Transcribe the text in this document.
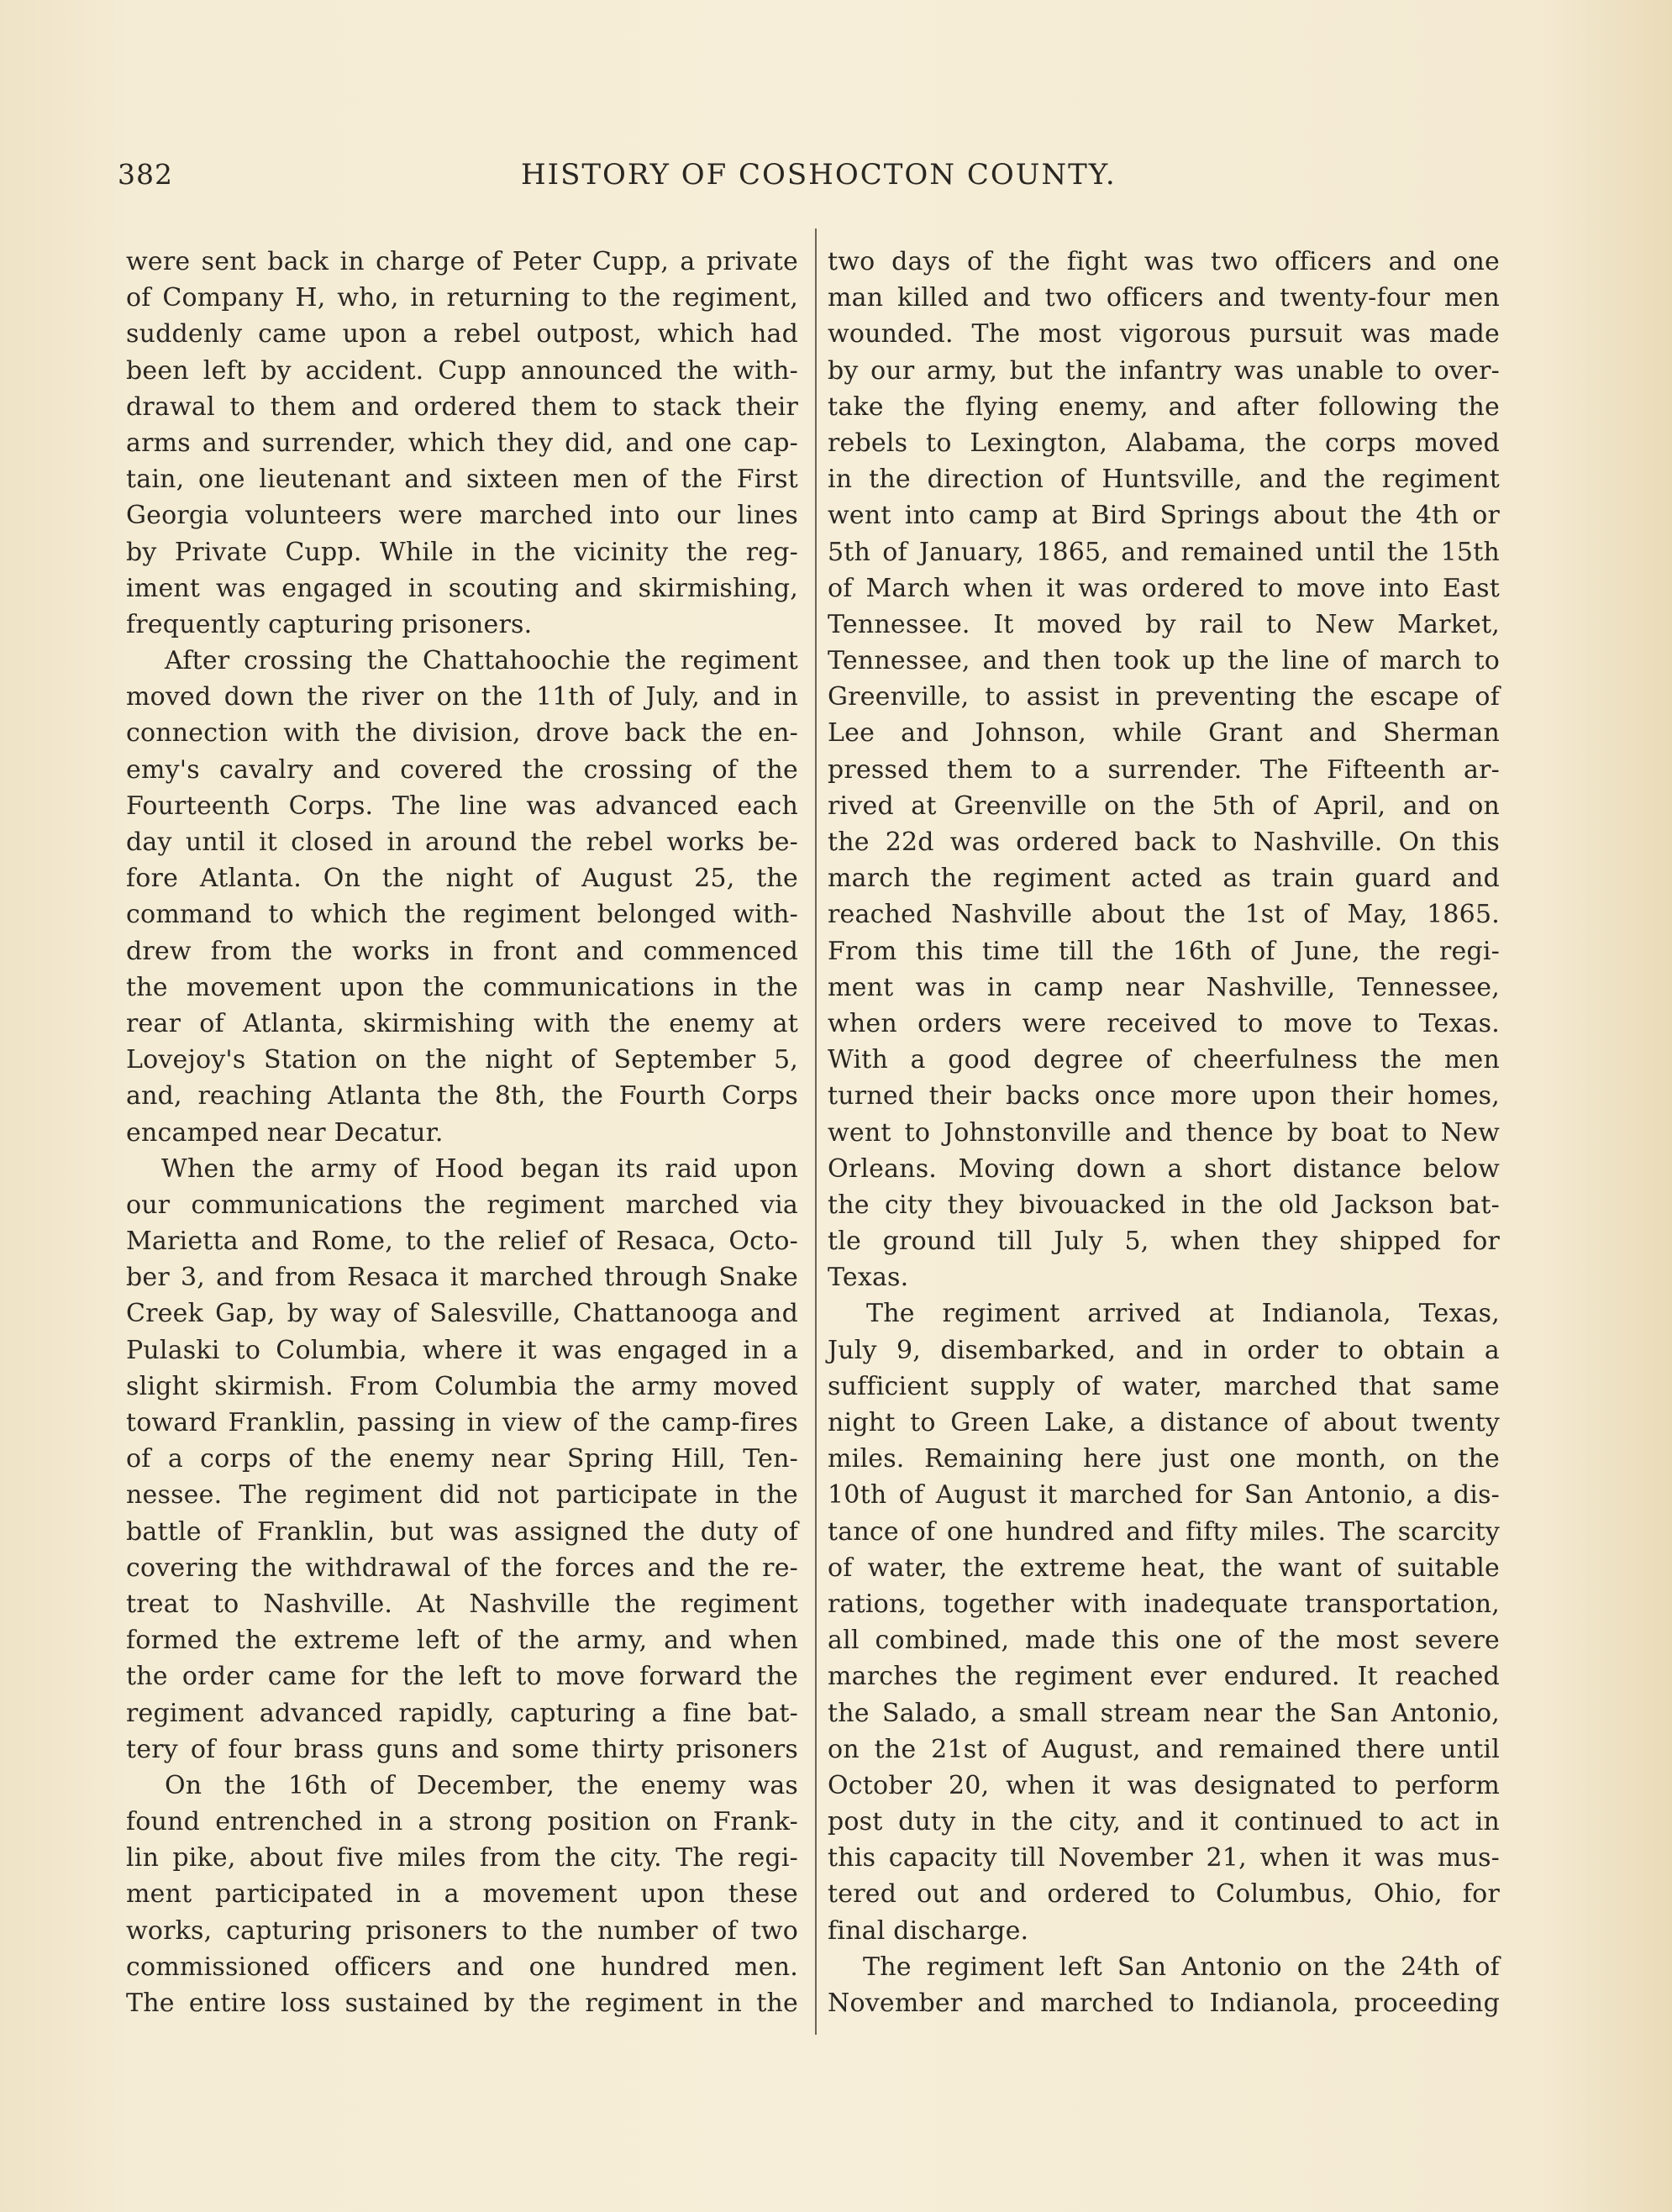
382	HISTORY OF COSHOCTON COUNTY.
were sent back in charge of Peter Cupp, a private
of Company H, who, in returning to the regiment,
suddenly came upon a rebel outpost, which had
been left by accident. Cupp announced the with-
drawal to them and ordered them to stack their
arms and surrender, which they did, and one cap-
tain, one lieutenant and sixteen men of the First
Georgia volunteers were marched into our lines
by Private Cupp. While in the vicinity the reg-
iment was engaged in scouting and skirmishing,
frequently capturing prisoners.
After crossing the Chattahoochie the regiment
moved down the river on the 11th of July, and in
connection with the division, drove back the en-
emy's cavalry and covered the crossing of the
Fourteenth Corps. The line was advanced each
day until it closed in around the rebel works be-
fore Atlanta. On the night of August 25, the
command to which the regiment belonged with-
drew from the works in front and commenced
the movement upon the communications in the
rear of Atlanta, skirmishing with the enemy at
Lovejoy's Station on the night of September 5,
and, reaching Atlanta the 8th, the Fourth Corps
encamped near Decatur.
When the army of Hood began its raid upon
our communications the regiment marched via
Marietta and Rome, to the relief of Resaca, Octo-
ber 3, and from Resaca it marched through Snake
Creek Gap, by way of Salesville, Chattanooga and
Pulaski to Columbia, where it was engaged in a
slight skirmish. From Columbia the army moved
toward Franklin, passing in view of the camp-fires
of a corps of the enemy near Spring Hill, Ten-
nessee. The regiment did not participate in the
battle of Franklin, but was assigned the duty of
covering the withdrawal of the forces and the re-
treat to Nashville. At Nashville the regiment
formed the extreme left of the army, and when
the order came for the left to move forward the
regiment advanced rapidly, capturing a fine bat-
tery of four brass guns and some thirty prisoners
On the 16th of December, the enemy was
found entrenched in a strong position on Frank-
lin pike, about five miles from the city. The regi-
ment participated in a movement upon these
works, capturing prisoners to the number of two
commissioned officers and one hundred men.
The entire loss sustained by the regiment in the
two days of the fight was two officers and one
man killed and two officers and twenty-four men
wounded. The most vigorous pursuit was made
by our army, but the infantry was unable to over-
take the flying enemy, and after following the
rebels to Lexington, Alabama, the corps moved
in the direction of Huntsville, and the regiment
went into camp at Bird Springs about the 4th or
5th of January, 1865, and remained until the 15th
of March when it was ordered to move into East
Tennessee. It moved by rail to New Market,
Tennessee, and then took up the line of march to
Greenville, to assist in preventing the escape of
Lee and Johnson, while Grant and Sherman
pressed them to a surrender. The Fifteenth ar-
rived at Greenville on the 5th of April, and on
the 22d was ordered back to Nashville. On this
march the regiment acted as train guard and
reached Nashville about the 1st of May, 1865.
From this time till the 16th of June, the regi-
ment was in camp near Nashville, Tennessee,
when orders were received to move to Texas.
With a good degree of cheerfulness the men
turned their backs once more upon their homes,
went to Johnstonville and thence by boat to New
Orleans. Moving down a short distance below
the city they bivouacked in the old Jackson bat-
tle ground till July 5, when they shipped for
Texas.
The regiment arrived at Indianola, Texas,
July 9, disembarked, and in order to obtain a
sufficient supply of water, marched that same
night to Green Lake, a distance of about twenty
miles. Remaining here just one month, on the
10th of August it marched for San Antonio, a dis-
tance of one hundred and fifty miles. The scarcity
of water, the extreme heat, the want of suitable
rations, together with inadequate transportation,
all combined, made this one of the most severe
marches the regiment ever endured. It reached
the Salado, a small stream near the San Antonio,
on the 21st of August, and remained there until
October 20, when it was designated to perform
post duty in the city, and it continued to act in
this capacity till November 21, when it was mus-
tered out and ordered to Columbus, Ohio, for
final discharge.
The regiment left San Antonio on the 24th of
November and marched to Indianola, proceeding
